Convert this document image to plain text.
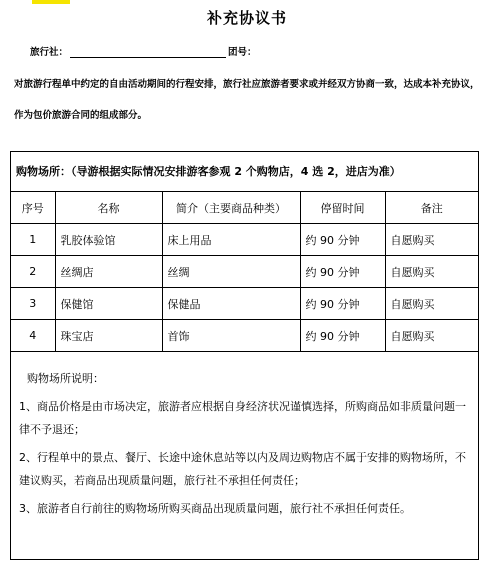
补充协议书
旅行社：	团号：
对旅游行程单中约定的自由活动期间的行程安排，旅行社应旅游者要求或并经双方协商一致，达成本补充协议，作为包价旅游合同的组成部分。
购物场所：（导游根据实际情况安排游客参观 2 个购物店，4 选 2，进店为准）
序号	名称	简介（主要商品种类）	停留时间	备注
1	乳胶体验馆	床上用品	约 90 分钟	自愿购买
2	丝绸店	丝绸	约 90 分钟	自愿购买
3	保健馆	保健品	约 90 分钟	自愿购买
4	珠宝店	首饰	约 90 分钟	自愿购买
购物场所说明：
1、商品价格是由市场决定，旅游者应根据自身经济状况谨慎选择，所购商品如非质量问题一律不予退还；
2、行程单中的景点、餐厅、长途中途休息站等以内及周边购物店不属于安排的购物场所，不建议购买，若商品出现质量问题，旅行社不承担任何责任；
3、旅游者自行前往的购物场所购买商品出现质量问题，旅行社不承担任何责任。
